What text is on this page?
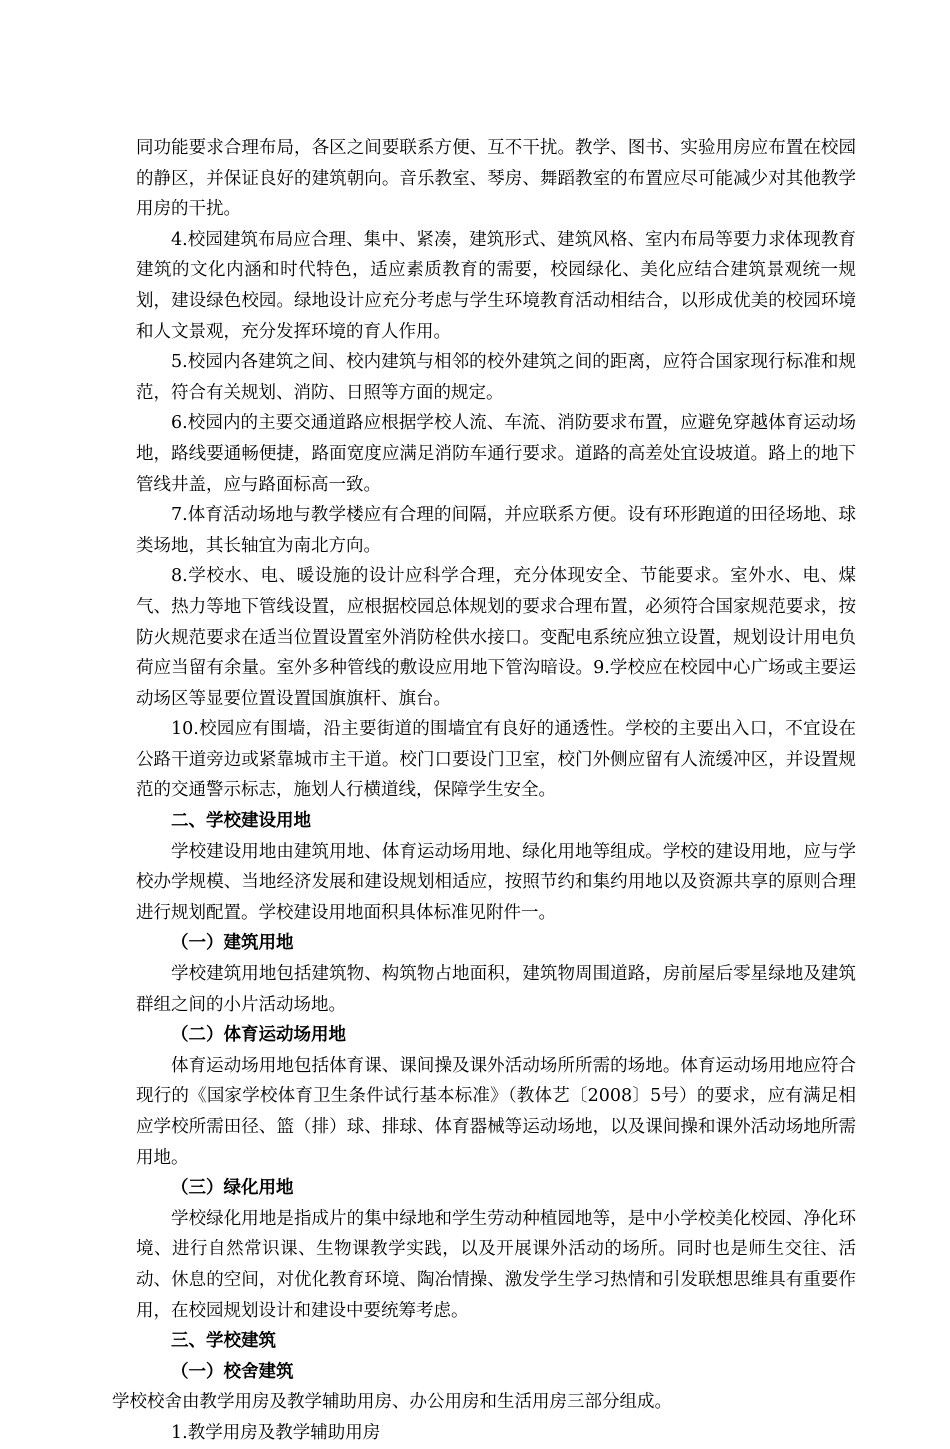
同功能要求合理布局，各区之间要联系方便、互不干扰。教学、图书、实验用房应布置在校园的静区，并保证良好的建筑朝向。音乐教室、琴房、舞蹈教室的布置应尽可能减少对其他教学用房的干扰。

4.校园建筑布局应合理、集中、紧凑，建筑形式、建筑风格、室内布局等要力求体现教育建筑的文化内涵和时代特色，适应素质教育的需要，校园绿化、美化应结合建筑景观统一规划，建设绿色校园。绿地设计应充分考虑与学生环境教育活动相结合，以形成优美的校园环境和人文景观，充分发挥环境的育人作用。

5.校园内各建筑之间、校内建筑与相邻的校外建筑之间的距离，应符合国家现行标准和规范，符合有关规划、消防、日照等方面的规定。

6.校园内的主要交通道路应根据学校人流、车流、消防要求布置，应避免穿越体育运动场地，路线要通畅便捷，路面宽度应满足消防车通行要求。道路的高差处宜设坡道。路上的地下管线井盖，应与路面标高一致。

7.体育活动场地与教学楼应有合理的间隔，并应联系方便。设有环形跑道的田径场地、球类场地，其长轴宜为南北方向。

8.学校水、电、暖设施的设计应科学合理，充分体现安全、节能要求。室外水、电、煤气、热力等地下管线设置，应根据校园总体规划的要求合理布置，必须符合国家规范要求，按防火规范要求在适当位置设置室外消防栓供水接口。变配电系统应独立设置，规划设计用电负荷应当留有余量。室外多种管线的敷设应用地下管沟暗设。9.学校应在校园中心广场或主要运动场区等显要位置设置国旗旗杆、旗台。

10.校园应有围墙，沿主要街道的围墙宜有良好的通透性。学校的主要出入口，不宜设在公路干道旁边或紧靠城市主干道。校门口要设门卫室，校门外侧应留有人流缓冲区，并设置规范的交通警示标志，施划人行横道线，保障学生安全。

二、学校建设用地

学校建设用地由建筑用地、体育运动场用地、绿化用地等组成。学校的建设用地，应与学校办学规模、当地经济发展和建设规划相适应，按照节约和集约用地以及资源共享的原则合理进行规划配置。学校建设用地面积具体标准见附件一。

（一）建筑用地

学校建筑用地包括建筑物、构筑物占地面积，建筑物周围道路，房前屋后零星绿地及建筑群组之间的小片活动场地。

（二）体育运动场用地

体育运动场用地包括体育课、课间操及课外活动场所所需的场地。体育运动场用地应符合现行的《国家学校体育卫生条件试行基本标准》（教体艺〔2008〕5号）的要求，应有满足相应学校所需田径、篮（排）球、排球、体育器械等运动场地，以及课间操和课外活动场地所需用地。

（三）绿化用地

学校绿化用地是指成片的集中绿地和学生劳动种植园地等，是中小学校美化校园、净化环境、进行自然常识课、生物课教学实践，以及开展课外活动的场所。同时也是师生交往、活动、休息的空间，对优化教育环境、陶冶情操、激发学生学习热情和引发联想思维具有重要作用，在校园规划设计和建设中要统筹考虑。

三、学校建筑

（一）校舍建筑

学校校舍由教学用房及教学辅助用房、办公用房和生活用房三部分组成。

1.教学用房及教学辅助用房
